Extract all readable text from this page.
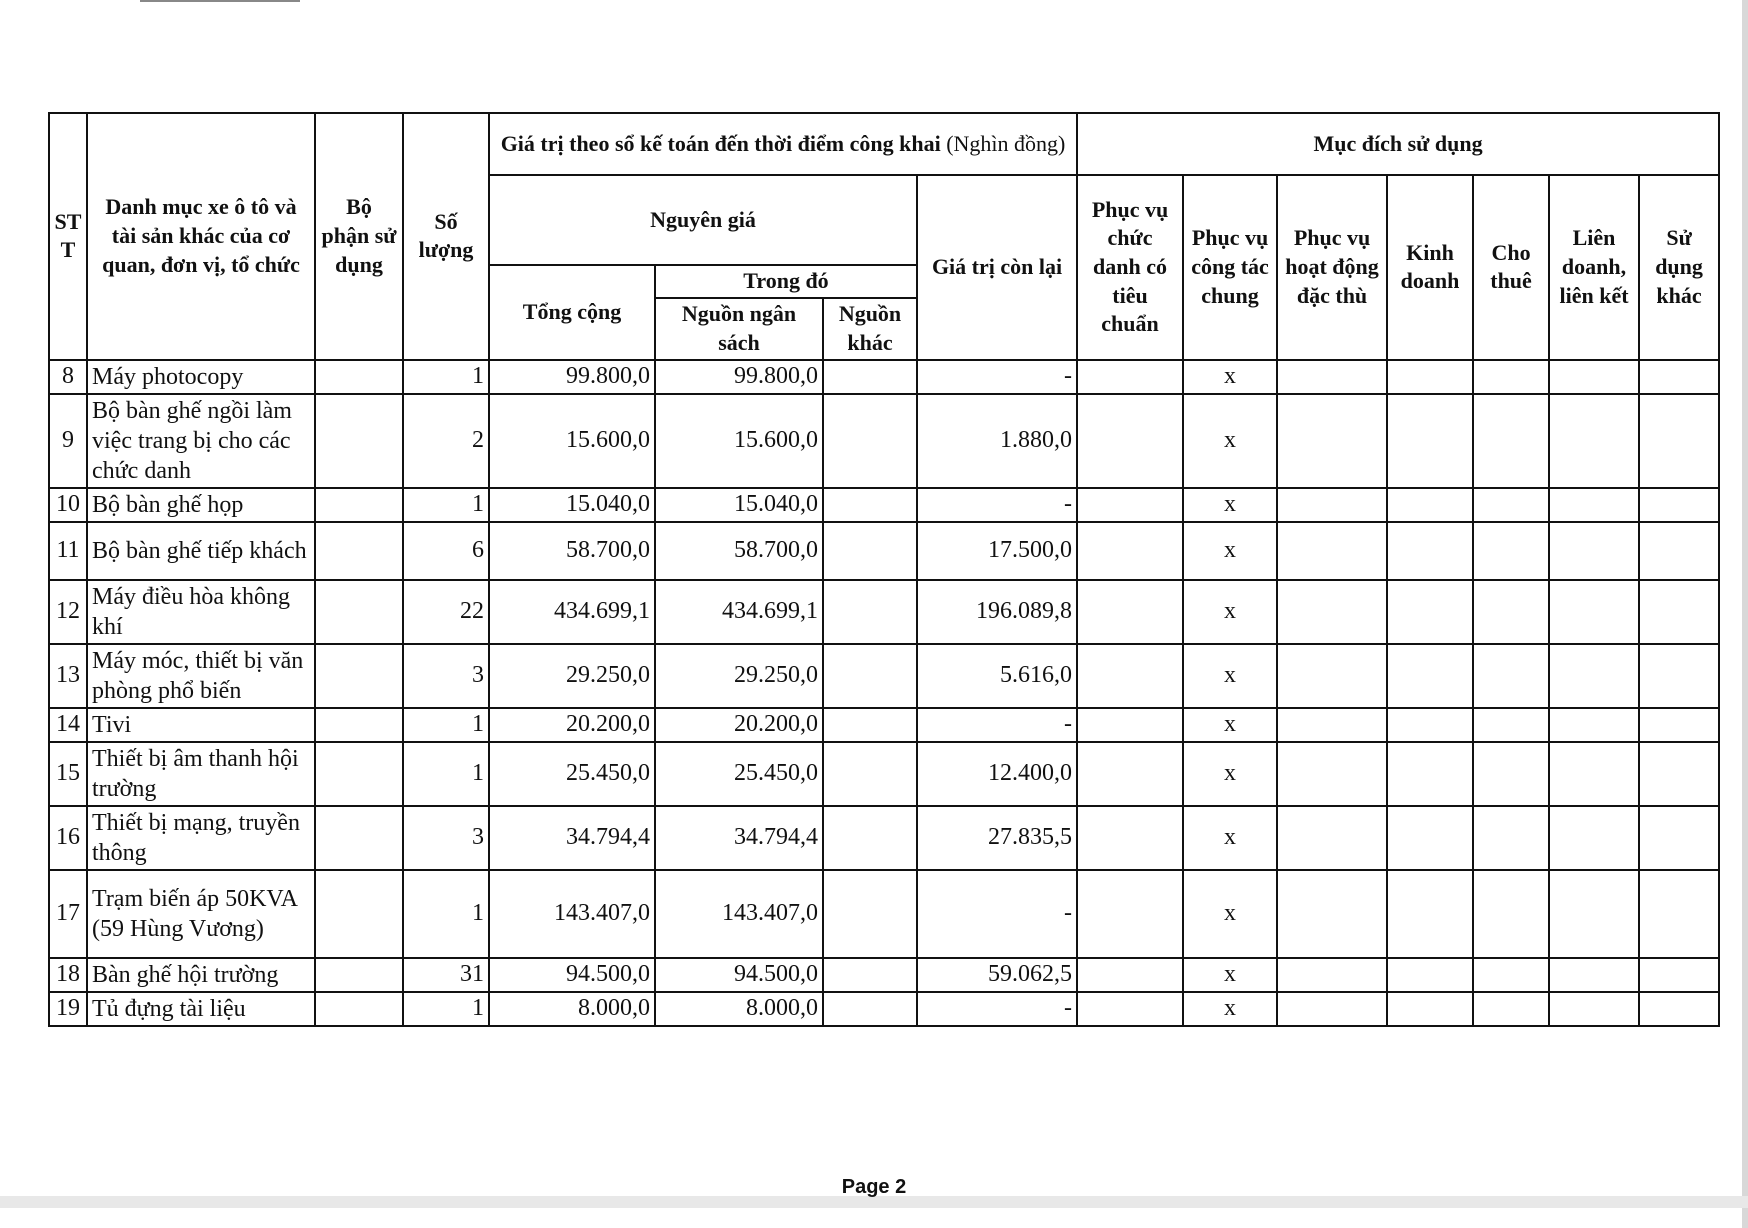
ST T	Danh mục xe ô tô và tài sản khác của cơ quan, đơn vị, tổ chức	Bộ phận sử dụng	Số lượng	Giá trị theo sổ kế toán đến thời điểm công khai (Nghìn đồng)				Mục đích sử dụng						
				Nguyên giá			Giá trị còn lại	Phục vụ chức danh có tiêu chuẩn	Phục vụ công tác chung	Phục vụ hoạt động đặc thù	Kinh doanh	Cho thuê	Liên doanh, liên kết	Sử dụng khác
				Tổng cộng	Trong đó									
					Nguồn ngân sách	Nguồn khác								
8	Máy photocopy		1	99.800,0	99.800,0		-		x					
9	Bộ bàn ghế ngồi làm việc trang bị cho các chức danh		2	15.600,0	15.600,0		1.880,0		x					
10	Bộ bàn ghế họp		1	15.040,0	15.040,0		-		x					
11	Bộ bàn ghế tiếp khách		6	58.700,0	58.700,0		17.500,0		x					
12	Máy điều hòa không khí		22	434.699,1	434.699,1		196.089,8		x					
13	Máy móc, thiết bị văn phòng phổ biến		3	29.250,0	29.250,0		5.616,0		x					
14	Tivi		1	20.200,0	20.200,0		-		x					
15	Thiết bị âm thanh hội trường		1	25.450,0	25.450,0		12.400,0		x					
16	Thiết bị mạng, truyền thông		3	34.794,4	34.794,4		27.835,5		x					
17	Trạm biến áp 50KVA (59 Hùng Vương)		1	143.407,0	143.407,0		-		x					
18	Bàn ghế hội trường		31	94.500,0	94.500,0		59.062,5		x					
19	Tủ đựng tài liệu		1	8.000,0	8.000,0		-		x					
Page 2
